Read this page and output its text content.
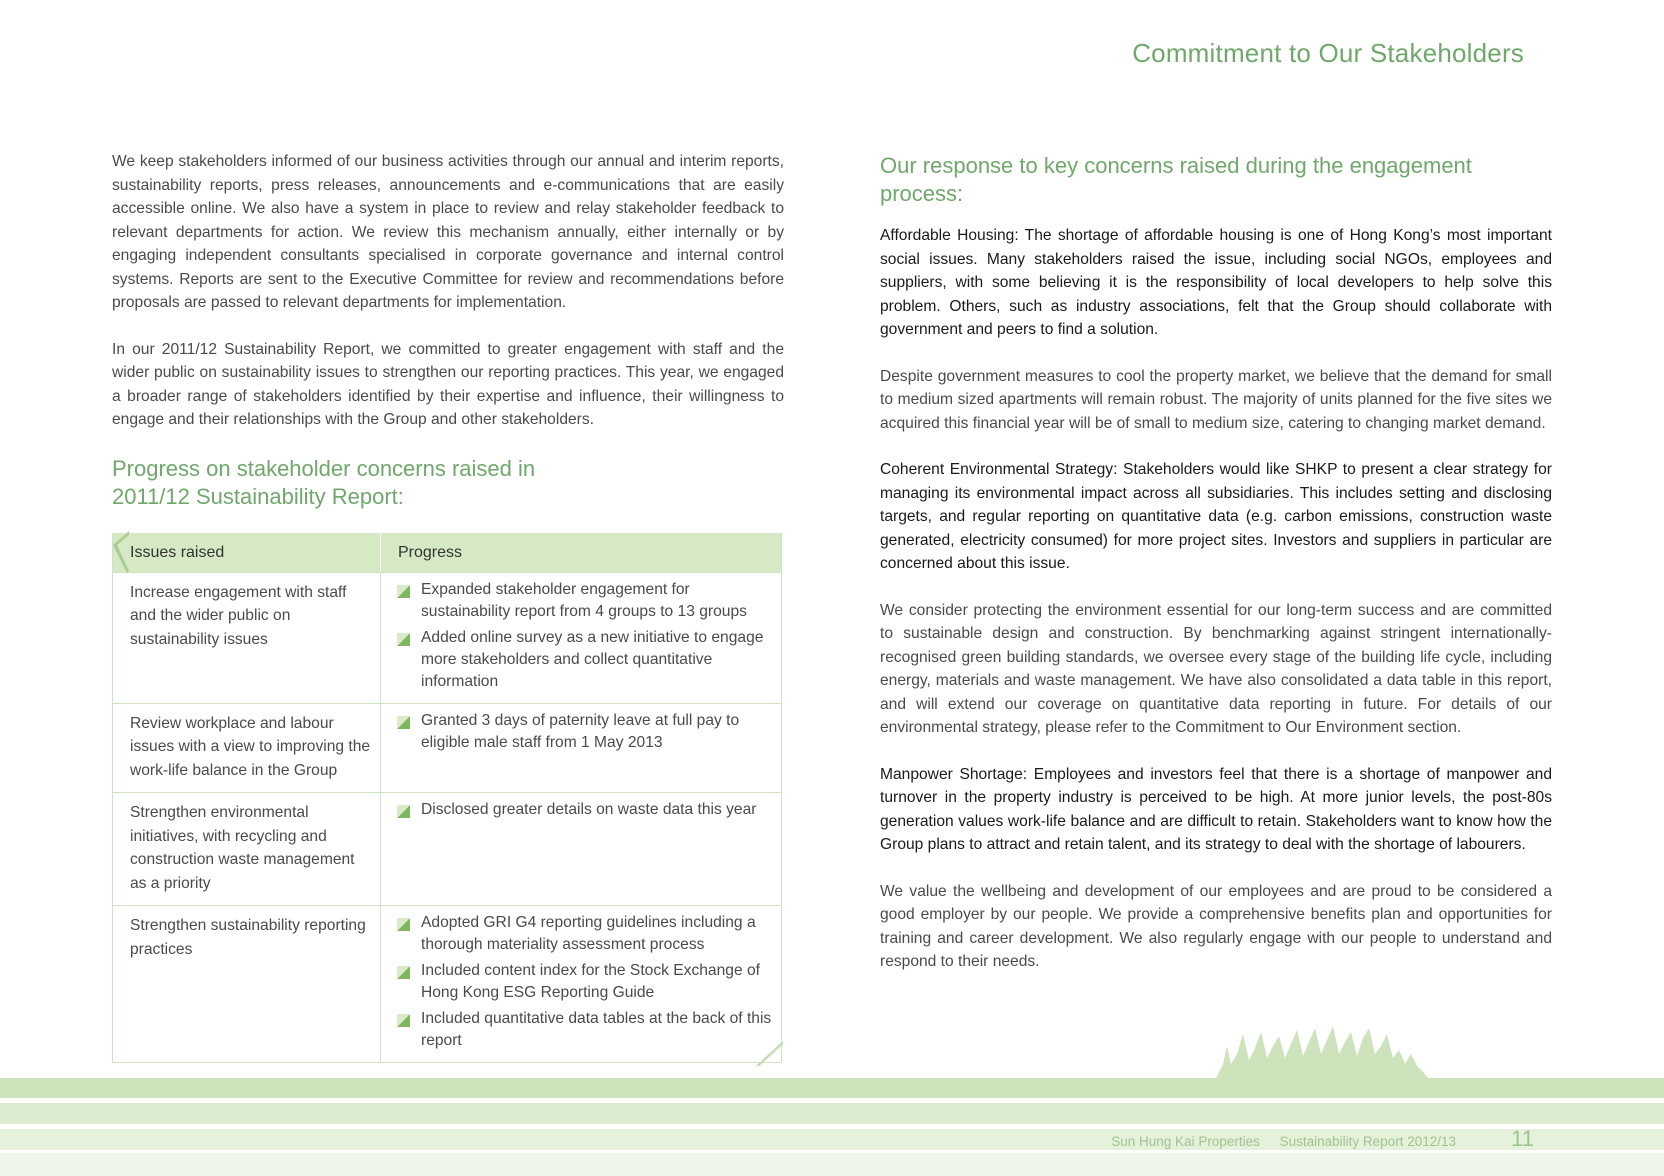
Commitment to Our Stakeholders

We keep stakeholders informed of our business activities through our annual and interim reports, sustainability reports, press releases, announcements and e-communications that are easily accessible online. We also have a system in place to review and relay stakeholder feedback to relevant departments for action. We review this mechanism annually, either internally or by engaging independent consultants specialised in corporate governance and internal control systems. Reports are sent to the Executive Committee for review and recommendations before proposals are passed to relevant departments for implementation.

In our 2011/12 Sustainability Report, we committed to greater engagement with staff and the wider public on sustainability issues to strengthen our reporting practices. This year, we engaged a broader range of stakeholders identified by their expertise and influence, their willingness to engage and their relationships with the Group and other stakeholders.

Progress on stakeholder concerns raised in 2011/12 Sustainability Report:
Issues raised	Progress
Increase engagement with staff and the wider public on sustainability issues
Expanded stakeholder engagement for sustainability report from 4 groups to 13 groups
Added online survey as a new initiative to engage more stakeholders and collect quantitative information
Review workplace and labour issues with a view to improving the work-life balance in the Group
Granted 3 days of paternity leave at full pay to eligible male staff from 1 May 2013
Strengthen environmental initiatives, with recycling and construction waste management as a priority
Disclosed greater details on waste data this year
Strengthen sustainability reporting practices
Adopted GRI G4 reporting guidelines including a thorough materiality assessment process
Included content index for the Stock Exchange of Hong Kong ESG Reporting Guide
Included quantitative data tables at the back of this report
Our response to key concerns raised during the engagement process:

Affordable Housing: The shortage of affordable housing is one of Hong Kong’s most important social issues. Many stakeholders raised the issue, including social NGOs, employees and suppliers, with some believing it is the responsibility of local developers to help solve this problem. Others, such as industry associations, felt that the Group should collaborate with government and peers to find a solution.

Despite government measures to cool the property market, we believe that the demand for small to medium sized apartments will remain robust. The majority of units planned for the five sites we acquired this financial year will be of small to medium size, catering to changing market demand.

Coherent Environmental Strategy: Stakeholders would like SHKP to present a clear strategy for managing its environmental impact across all subsidiaries. This includes setting and disclosing targets, and regular reporting on quantitative data (e.g. carbon emissions, construction waste generated, electricity consumed) for more project sites. Investors and suppliers in particular are concerned about this issue.

We consider protecting the environment essential for our long-term success and are committed to sustainable design and construction. By benchmarking against stringent internationally-recognised green building standards, we oversee every stage of the building life cycle, including energy, materials and waste management. We have also consolidated a data table in this report, and will extend our coverage on quantitative data reporting in future. For details of our environmental strategy, please refer to the Commitment to Our Environment section.

Manpower Shortage: Employees and investors feel that there is a shortage of manpower and turnover in the property industry is perceived to be high. At more junior levels, the post-80s generation values work-life balance and are difficult to retain. Stakeholders want to know how the Group plans to attract and retain talent, and its strategy to deal with the shortage of labourers.

We value the wellbeing and development of our employees and are proud to be considered a good employer by our people. We provide a comprehensive benefits plan and opportunities for training and career development. We also regularly engage with our people to understand and respond to their needs.

Sun Hung Kai Properties Sustainability Report 2012/13	11
